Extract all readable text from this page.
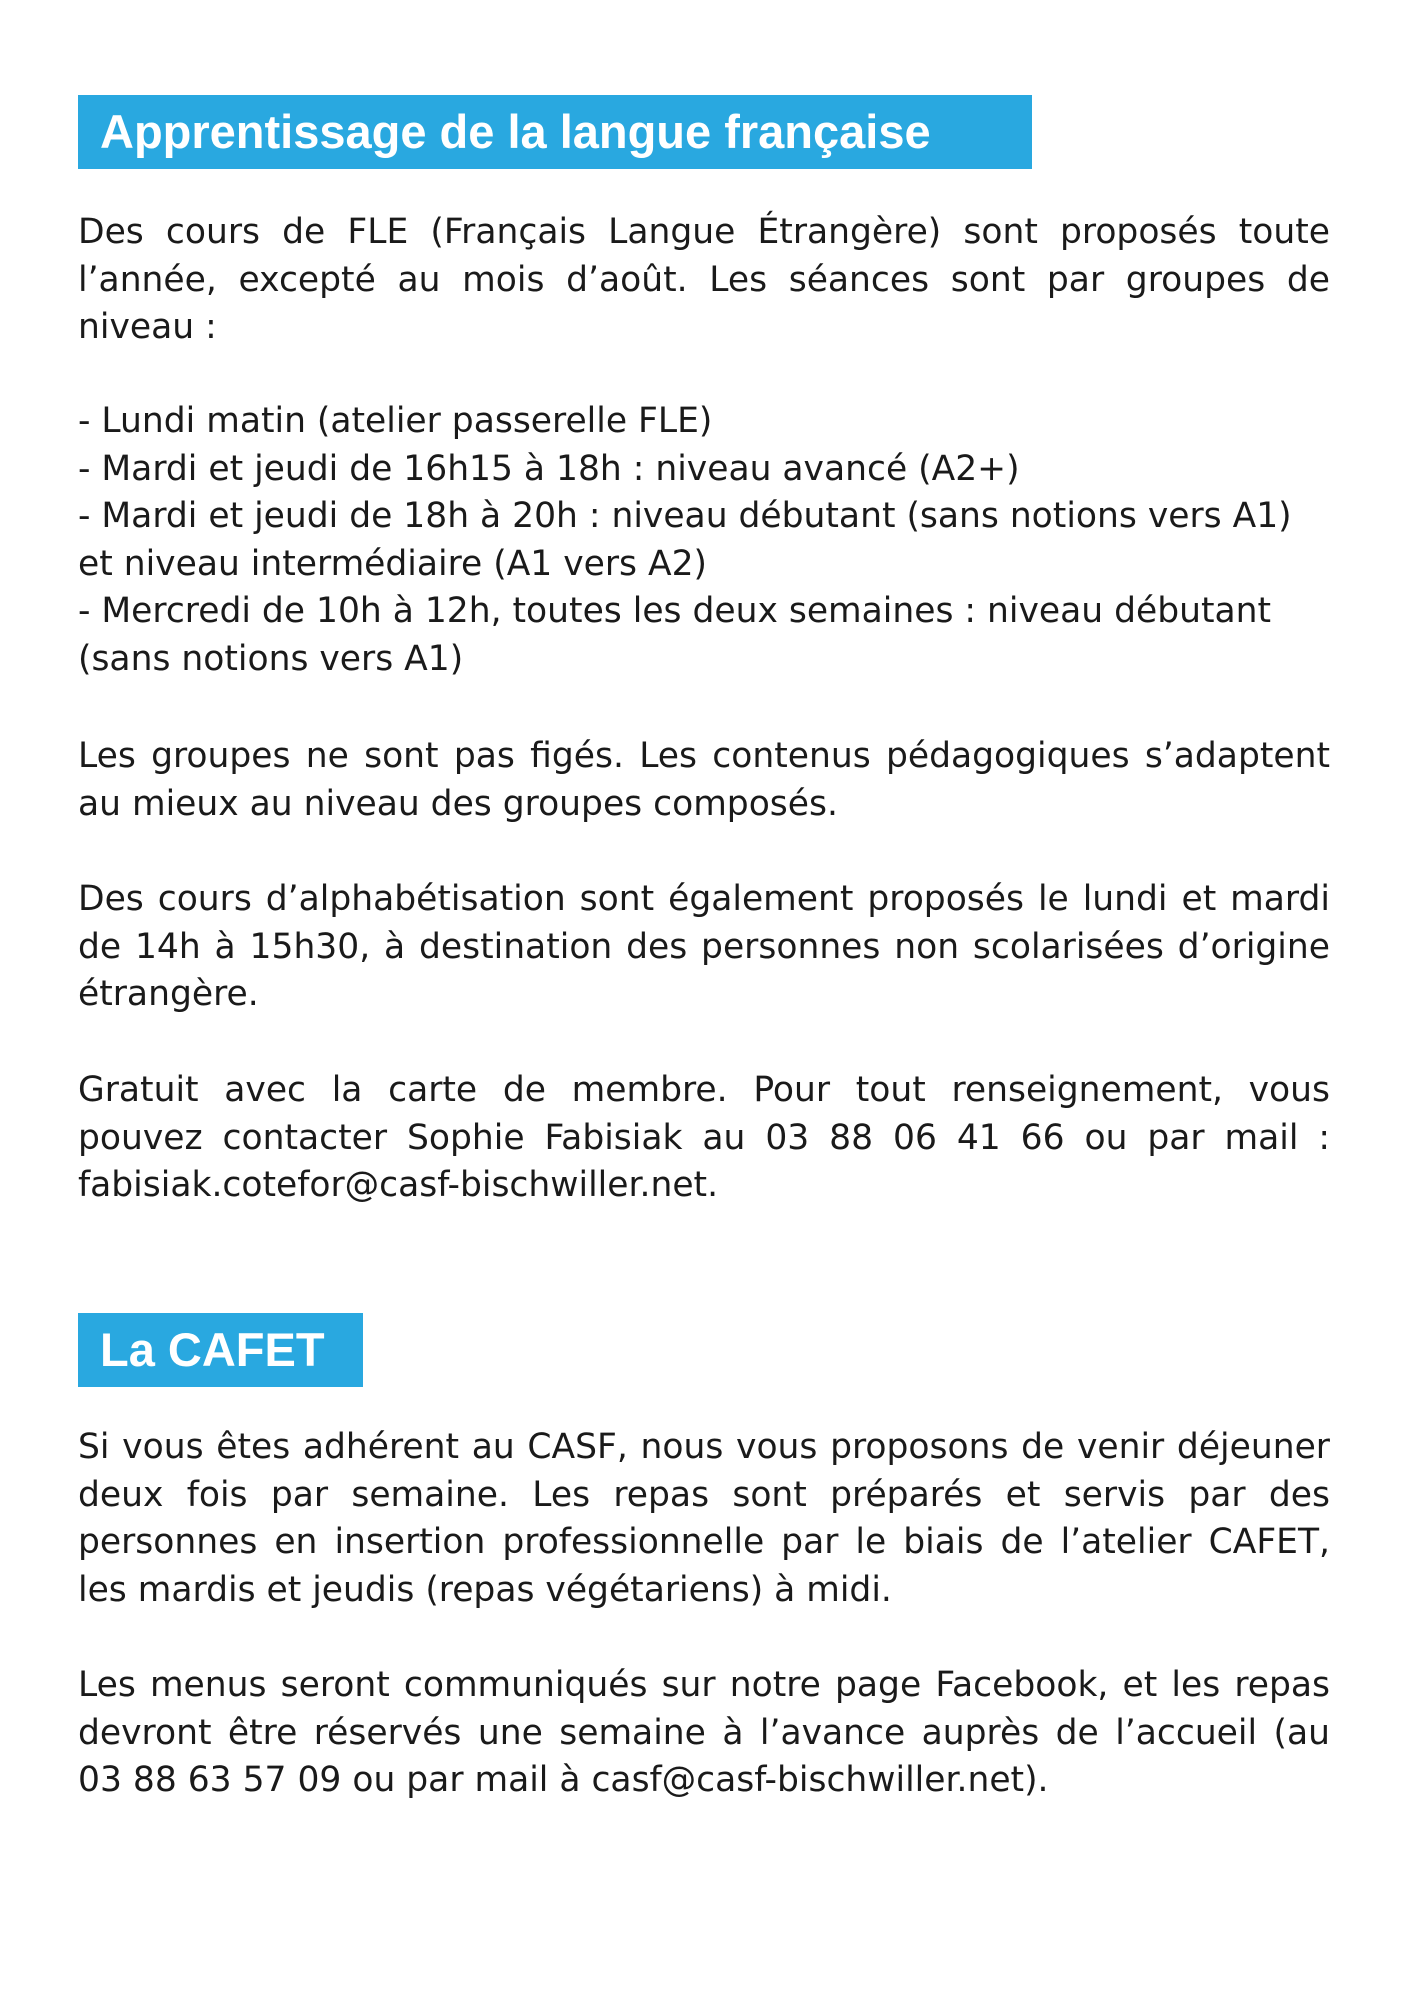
Apprentissage de la langue française

Des cours de FLE (Français Langue Étrangère) sont proposés toute l’année, excepté au mois d’août. Les séances sont par groupes de niveau :

- Lundi matin (atelier passerelle FLE)
- Mardi et jeudi de 16h15 à 18h : niveau avancé (A2+)
- Mardi et jeudi de 18h à 20h : niveau débutant (sans notions vers A1) et niveau intermédiaire (A1 vers A2)
- Mercredi de 10h à 12h, toutes les deux semaines : niveau débutant (sans notions vers A1)

Les groupes ne sont pas figés. Les contenus pédagogiques s’adaptent au mieux au niveau des groupes composés.

Des cours d’alphabétisation sont également proposés le lundi et mardi de 14h à 15h30, à destination des personnes non scolarisées d’origine étrangère.

Gratuit avec la carte de membre. Pour tout renseignement, vous pouvez contacter Sophie Fabisiak au 03 88 06 41 66 ou par mail : fabisiak.cotefor@casf-bischwiller.net.

La CAFET

Si vous êtes adhérent au CASF, nous vous proposons de venir déjeuner deux fois par semaine. Les repas sont préparés et servis par des personnes en insertion professionnelle par le biais de l’atelier CAFET, les mardis et jeudis (repas végétariens) à midi.

Les menus seront communiqués sur notre page Facebook, et les repas devront être réservés une semaine à l’avance auprès de l’accueil (au 03 88 63 57 09 ou par mail à casf@casf-bischwiller.net).
